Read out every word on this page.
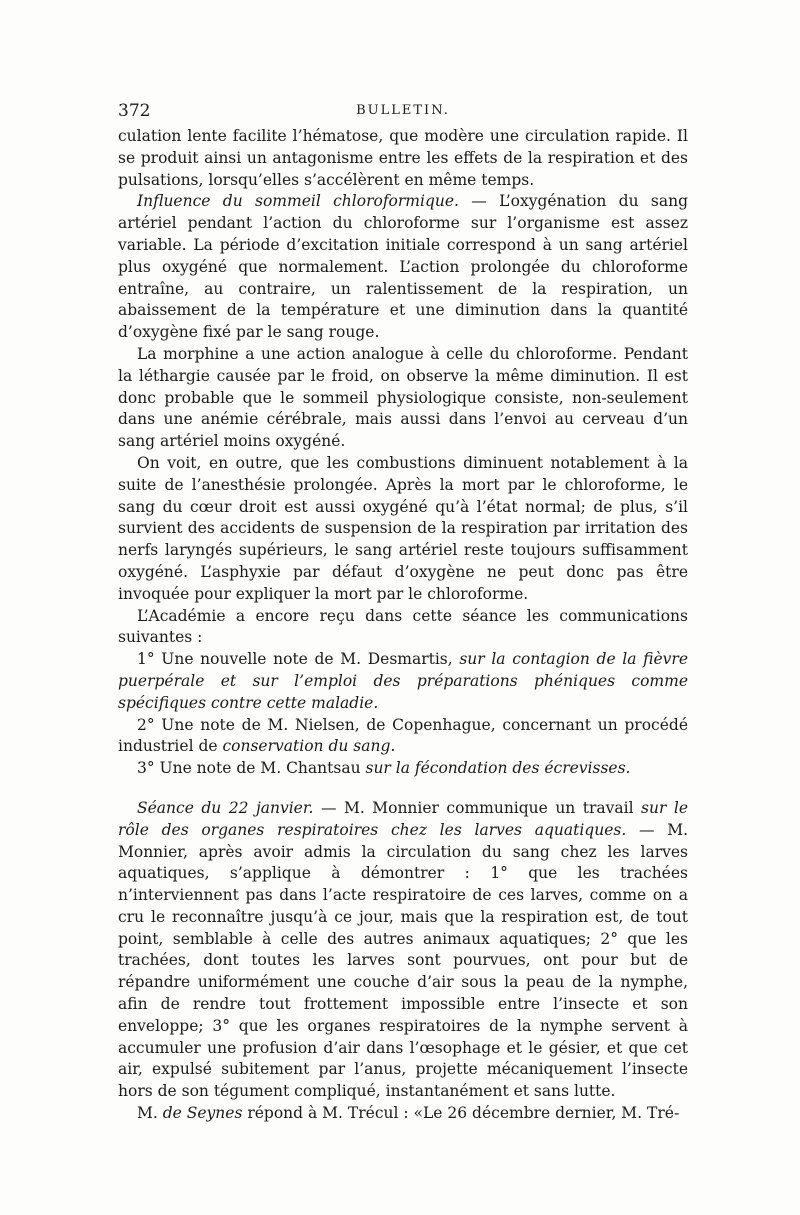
372	BULLETIN.

culation lente facilite l’hématose, que modère une circulation rapide. Il se produit ainsi un antagonisme entre les effets de la respiration et des pulsations, lorsqu’elles s’accélèrent en même temps.

Influence du sommeil chloroformique. — L’oxygénation du sang artériel pendant l’action du chloroforme sur l’organisme est assez variable. La période d’excitation initiale correspond à un sang artériel plus oxygéné que normalement. L’action prolongée du chloroforme entraîne, au contraire, un ralentissement de la respiration, un abaissement de la température et une diminution dans la quantité d’oxygène fixé par le sang rouge.

La morphine a une action analogue à celle du chloroforme. Pendant la léthargie causée par le froid, on observe la même diminution. Il est donc probable que le sommeil physiologique consiste, non-seulement dans une anémie cérébrale, mais aussi dans l’envoi au cerveau d’un sang artériel moins oxygéné.

On voit, en outre, que les combustions diminuent notablement à la suite de l’anesthésie prolongée. Après la mort par le chloroforme, le sang du cœur droit est aussi oxygéné qu’à l’état normal; de plus, s’il survient des accidents de suspension de la respiration par irritation des nerfs laryngés supérieurs, le sang artériel reste toujours suffisamment oxygéné. L’asphyxie par défaut d’oxygène ne peut donc pas être invoquée pour expliquer la mort par le chloroforme.

L’Académie a encore reçu dans cette séance les communications suivantes :

1° Une nouvelle note de M. Desmartis, sur la contagion de la fièvre puerpérale et sur l’emploi des préparations phéniques comme spécifiques contre cette maladie.

2° Une note de M. Nielsen, de Copenhague, concernant un procédé industriel de conservation du sang.

3° Une note de M. Chantsau sur la fécondation des écrevisses.

Séance du 22 janvier. — M. Monnier communique un travail sur le rôle des organes respiratoires chez les larves aquatiques. — M. Monnier, après avoir admis la circulation du sang chez les larves aquatiques, s’applique à démontrer : 1° que les trachées n’interviennent pas dans l’acte respiratoire de ces larves, comme on a cru le reconnaître jusqu’à ce jour, mais que la respiration est, de tout point, semblable à celle des autres animaux aquatiques; 2° que les trachées, dont toutes les larves sont pourvues, ont pour but de répandre uniformément une couche d’air sous la peau de la nymphe, afin de rendre tout frottement impossible entre l’insecte et son enveloppe; 3° que les organes respiratoires de la nymphe servent à accumuler une profusion d’air dans l’œsophage et le gésier, et que cet air, expulsé subitement par l’anus, projette mécaniquement l’insecte hors de son tégument compliqué, instantanément et sans lutte.

M. de Seynes répond à M. Trécul : «Le 26 décembre dernier, M. Tré-
